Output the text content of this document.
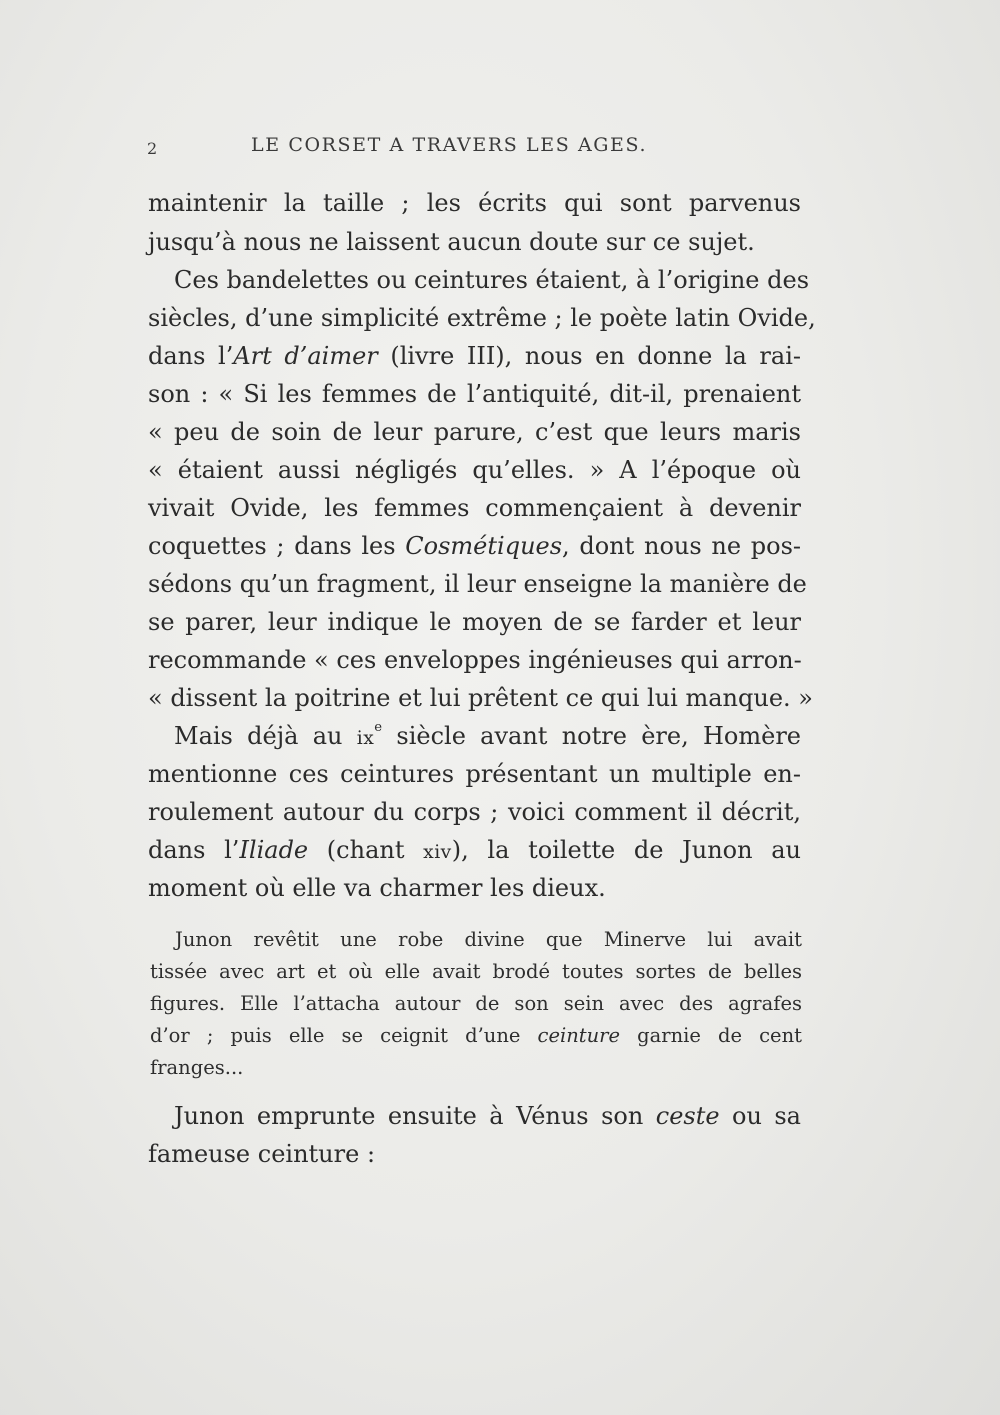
2	LE CORSET A TRAVERS LES AGES.
maintenir la taille ; les écrits qui sont parvenus
jusqu’à nous ne laissent aucun doute sur ce sujet.
Ces bandelettes ou ceintures étaient, à l’origine des
siècles, d’une simplicité extrême ; le poète latin Ovide,
dans l’Art d’aimer (livre III), nous en donne la rai-
son : « Si les femmes de l’antiquité, dit-il, prenaient
« peu de soin de leur parure, c’est que leurs maris
« étaient aussi négligés qu’elles. » A l’époque où
vivait Ovide, les femmes commençaient à devenir
coquettes ; dans les Cosmétiques, dont nous ne pos-
sédons qu’un fragment, il leur enseigne la manière de
se parer, leur indique le moyen de se farder et leur
recommande « ces enveloppes ingénieuses qui arron-
« dissent la poitrine et lui prêtent ce qui lui manque. »
Mais déjà au $ix^e$ siècle avant notre ère, Homère
mentionne ces ceintures présentant un multiple en-
roulement autour du corps ; voici comment il décrit,
dans l’Iliade (chant xiv), la toilette de Junon au
moment où elle va charmer les dieux.
Junon revêtit une robe divine que Minerve lui avait
tissée avec art et où elle avait brodé toutes sortes de belles
figures. Elle l’attacha autour de son sein avec des agrafes
d’or ; puis elle se ceignit d’une ceinture garnie de cent
franges...
Junon emprunte ensuite à Vénus son ceste ou sa
fameuse ceinture :
